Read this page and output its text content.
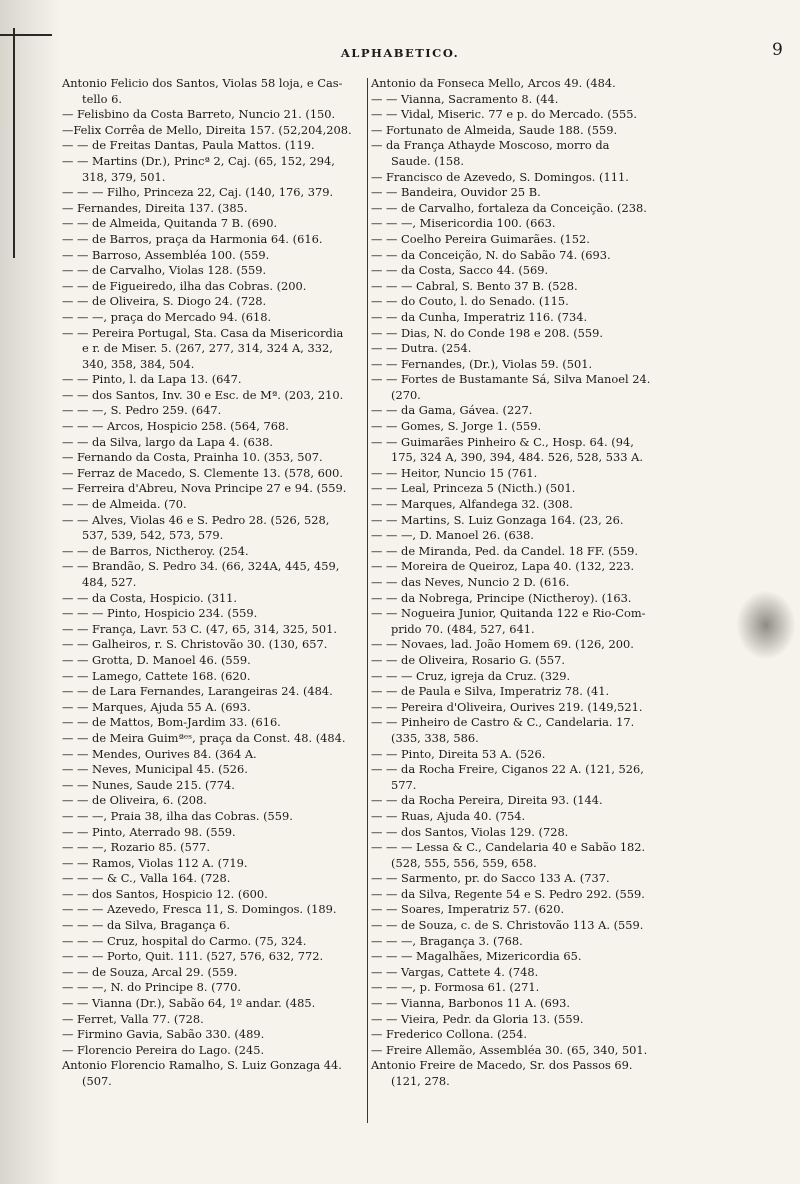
ALPHABETICO.	9
Antonio Felicio dos Santos, Violas 58 loja, e Cas-
tello 6.
— Felisbino da Costa Barreto, Nuncio 21. (150.
—Felix Corrêa de Mello, Direita 157. (52,204,208.
— — de Freitas Dantas, Paula Mattos. (119.
— — Martins (Dr.), Princª 2, Caj. (65, 152, 294,
318, 379, 501.
— — — Filho, Princeza 22, Caj. (140, 176, 379.
— Fernandes, Direita 137. (385.
— — de Almeida, Quitanda 7 B. (690.
— — de Barros, praça da Harmonia 64. (616.
— — Barroso, Assembléa 100. (559.
— — de Carvalho, Violas 128. (559.
— — de Figueiredo, ilha das Cobras. (200.
— — de Oliveira, S. Diogo 24. (728.
— — —, praça do Mercado 94. (618.
— — Pereira Portugal, Sta. Casa da Misericordia
e r. de Miser. 5. (267, 277, 314, 324 A, 332,
340, 358, 384, 504.
— — Pinto, l. da Lapa 13. (647.
— — dos Santos, Inv. 30 e Esc. de Mª. (203, 210.
— — —, S. Pedro 259. (647.
— — — Arcos, Hospicio 258. (564, 768.
— — da Silva, largo da Lapa 4. (638.
— Fernando da Costa, Prainha 10. (353, 507.
— Ferraz de Macedo, S. Clemente 13. (578, 600.
— Ferreira d'Abreu, Nova Principe 27 e 94. (559.
— — de Almeida. (70.
— — Alves, Violas 46 e S. Pedro 28. (526, 528,
537, 539, 542, 573, 579.
— — de Barros, Nictheroy. (254.
— — Brandão, S. Pedro 34. (66, 324A, 445, 459,
484, 527.
— — da Costa, Hospicio. (311.
— — — Pinto, Hospicio 234. (559.
— — França, Lavr. 53 C. (47, 65, 314, 325, 501.
— — Galheiros, r. S. Christovão 30. (130, 657.
— — Grotta, D. Manoel 46. (559.
— — Lamego, Cattete 168. (620.
— — de Lara Fernandes, Larangeiras 24. (484.
— — Marques, Ajuda 55 A. (693.
— — de Mattos, Bom-Jardim 33. (616.
— — de Meira Guimªᵉˢ, praça da Const. 48. (484.
— — Mendes, Ourives 84. (364 A.
— — Neves, Municipal 45. (526.
— — Nunes, Saude 215. (774.
— — de Oliveira, 6. (208.
— — —, Praia 38, ilha das Cobras. (559.
— — Pinto, Aterrado 98. (559.
— — —, Rozario 85. (577.
— — Ramos, Violas 112 A. (719.
— — — & C., Valla 164. (728.
— — dos Santos, Hospicio 12. (600.
— — — Azevedo, Fresca 11, S. Domingos. (189.
— — — da Silva, Bragança 6.
— — — Cruz, hospital do Carmo. (75, 324.
— — — Porto, Quit. 111. (527, 576, 632, 772.
— — de Souza, Arcal 29. (559.
— — —, N. do Principe 8. (770.
— — Vianna (Dr.), Sabão 64, 1º andar. (485.
— Ferret, Valla 77. (728.
— Firmino Gavia, Sabão 330. (489.
— Florencio Pereira do Lago. (245.
Antonio Florencio Ramalho, S. Luiz Gonzaga 44.
(507.
Antonio da Fonseca Mello, Arcos 49. (484.
— — Vianna, Sacramento 8. (44.
— — Vidal, Miseric. 77 e p. do Mercado. (555.
— Fortunato de Almeida, Saude 188. (559.
— da França Athayde Moscoso, morro da
Saude. (158.
— Francisco de Azevedo, S. Domingos. (111.
— — Bandeira, Ouvidor 25 B.
— — de Carvalho, fortaleza da Conceição. (238.
— — —, Misericordia 100. (663.
— — Coelho Pereira Guimarães. (152.
— — da Conceição, N. do Sabão 74. (693.
— — da Costa, Sacco 44. (569.
— — — Cabral, S. Bento 37 B. (528.
— — do Couto, l. do Senado. (115.
— — da Cunha, Imperatriz 116. (734.
— — Dias, N. do Conde 198 e 208. (559.
— — Dutra. (254.
— — Fernandes, (Dr.), Violas 59. (501.
— — Fortes de Bustamante Sá, Silva Manoel 24.
(270.
— — da Gama, Gávea. (227.
— — Gomes, S. Jorge 1. (559.
— — Guimarães Pinheiro & C., Hosp. 64. (94,
175, 324 A, 390, 394, 484. 526, 528, 533 A.
— — Heitor, Nuncio 15 (761.
— — Leal, Princeza 5 (Nicth.) (501.
— — Marques, Alfandega 32. (308.
— — Martins, S. Luiz Gonzaga 164. (23, 26.
— — —, D. Manoel 26. (638.
— — de Miranda, Ped. da Candel. 18 FF. (559.
— — Moreira de Queiroz, Lapa 40. (132, 223.
— — das Neves, Nuncio 2 D. (616.
— — da Nobrega, Principe (Nictheroy). (163.
— — Nogueira Junior, Quitanda 122 e Rio-Com-
prido 70. (484, 527, 641.
— — Novaes, lad. João Homem 69. (126, 200.
— — de Oliveira, Rosario G. (557.
— — — Cruz, igreja da Cruz. (329.
— — de Paula e Silva, Imperatriz 78. (41.
— — Pereira d'Oliveira, Ourives 219. (149,521.
— — Pinheiro de Castro & C., Candelaria. 17.
(335, 338, 586.
— — Pinto, Direita 53 A. (526.
— — da Rocha Freire, Ciganos 22 A. (121, 526,
577.
— — da Rocha Pereira, Direita 93. (144.
— — Ruas, Ajuda 40. (754.
— — dos Santos, Violas 129. (728.
— — — Lessa & C., Candelaria 40 e Sabão 182.
(528, 555, 556, 559, 658.
— — Sarmento, pr. do Sacco 133 A. (737.
— — da Silva, Regente 54 e S. Pedro 292. (559.
— — Soares, Imperatriz 57. (620.
— — de Souza, c. de S. Christovão 113 A. (559.
— — —, Bragança 3. (768.
— — — Magalhães, Mizericordia 65.
— — Vargas, Cattete 4. (748.
— — —, p. Formosa 61. (271.
— — Vianna, Barbonos 11 A. (693.
— — Vieira, Pedr. da Gloria 13. (559.
— Frederico Collona. (254.
— Freire Allemão, Assembléa 30. (65, 340, 501.
Antonio Freire de Macedo, Sr. dos Passos 69.
(121, 278.
